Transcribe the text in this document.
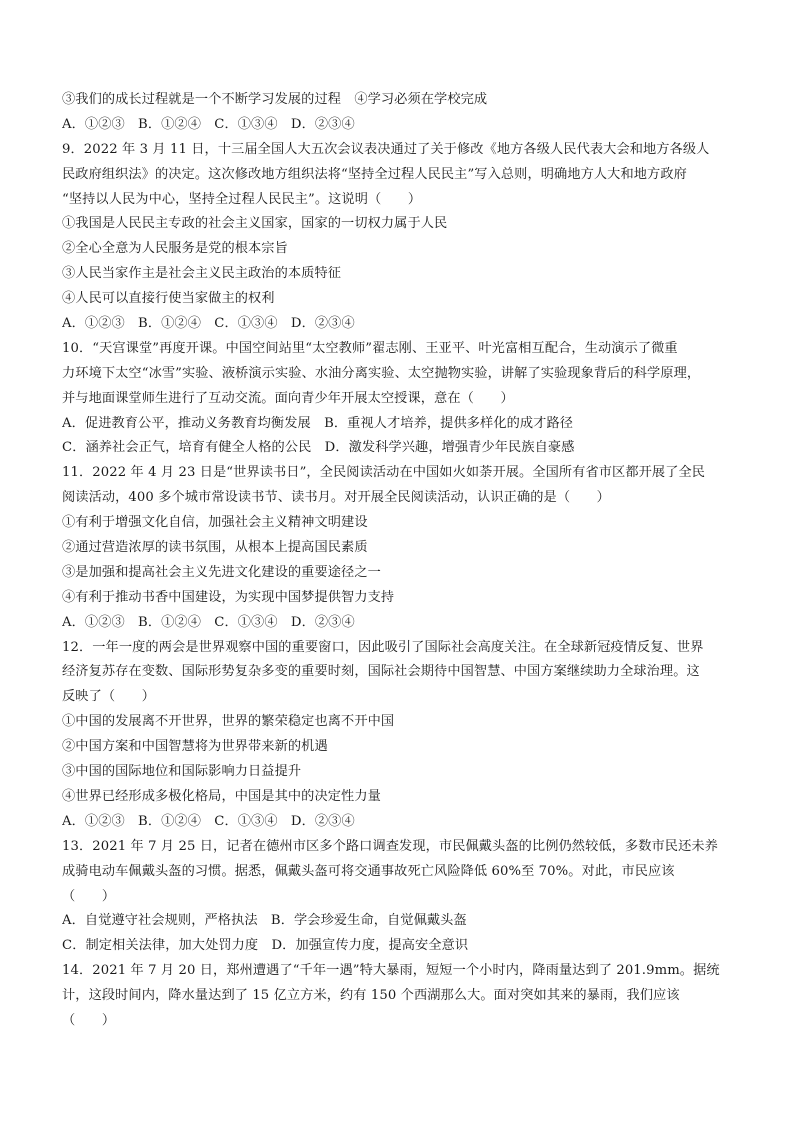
③我们的成长过程就是一个不断学习发展的过程　④学习必须在学校完成
A．①②③　B．①②④　C．①③④　D．②③④
9．2022 年 3 月 11 日，十三届全国人大五次会议表决通过了关于修改《地方各级人民代表大会和地方各级人
民政府组织法》的决定。这次修改地方组织法将“坚持全过程人民民主”写入总则，明确地方人大和地方政府
“坚持以人民为中心，坚持全过程人民民主”。这说明（　　）
①我国是人民民主专政的社会主义国家，国家的一切权力属于人民
②全心全意为人民服务是党的根本宗旨
③人民当家作主是社会主义民主政治的本质特征
④人民可以直接行使当家做主的权利
A．①②③　B．①②④　C．①③④　D．②③④
10．“天宫课堂”再度开课。中国空间站里“太空教师”翟志刚、王亚平、叶光富相互配合，生动演示了微重
力环境下太空“冰雪”实验、液桥演示实验、水油分离实验、太空抛物实验，讲解了实验现象背后的科学原理，
并与地面课堂师生进行了互动交流。面向青少年开展太空授课，意在（　　）
A．促进教育公平，推动义务教育均衡发展　B．重视人才培养，提供多样化的成才路径
C．涵养社会正气，培育有健全人格的公民　D．激发科学兴趣，增强青少年民族自豪感
11．2022 年 4 月 23 日是“世界读书日”，全民阅读活动在中国如火如荼开展。全国所有省市区都开展了全民
阅读活动，400 多个城市常设读书节、读书月。对开展全民阅读活动，认识正确的是（　　）
①有利于增强文化自信，加强社会主义精神文明建设
②通过营造浓厚的读书氛围，从根本上提高国民素质
③是加强和提高社会主义先进文化建设的重要途径之一
④有利于推动书香中国建设，为实现中国梦提供智力支持
A．①②③　B．①②④　C．①③④　D．②③④
12．一年一度的两会是世界观察中国的重要窗口，因此吸引了国际社会高度关注。在全球新冠疫情反复、世界
经济复苏存在变数、国际形势复杂多变的重要时刻，国际社会期待中国智慧、中国方案继续助力全球治理。这
反映了（　　）
①中国的发展离不开世界，世界的繁荣稳定也离不开中国
②中国方案和中国智慧将为世界带来新的机遇
③中国的国际地位和国际影响力日益提升
④世界已经形成多极化格局，中国是其中的决定性力量
A．①②③　B．①②④　C．①③④　D．②③④
13．2021 年 7 月 25 日，记者在德州市区多个路口调查发现，市民佩戴头盔的比例仍然较低，多数市民还未养
成骑电动车佩戴头盔的习惯。据悉，佩戴头盔可将交通事故死亡风险降低 60%至 70%。对此，市民应该
（　　）
A．自觉遵守社会规则，严格执法　B．学会珍爱生命，自觉佩戴头盔
C．制定相关法律，加大处罚力度　D．加强宣传力度，提高安全意识
14．2021 年 7 月 20 日，郑州遭遇了“千年一遇”特大暴雨，短短一个小时内，降雨量达到了 201.9mm。据统
计，这段时间内，降水量达到了 15 亿立方米，约有 150 个西湖那么大。面对突如其来的暴雨，我们应该
（　　）
